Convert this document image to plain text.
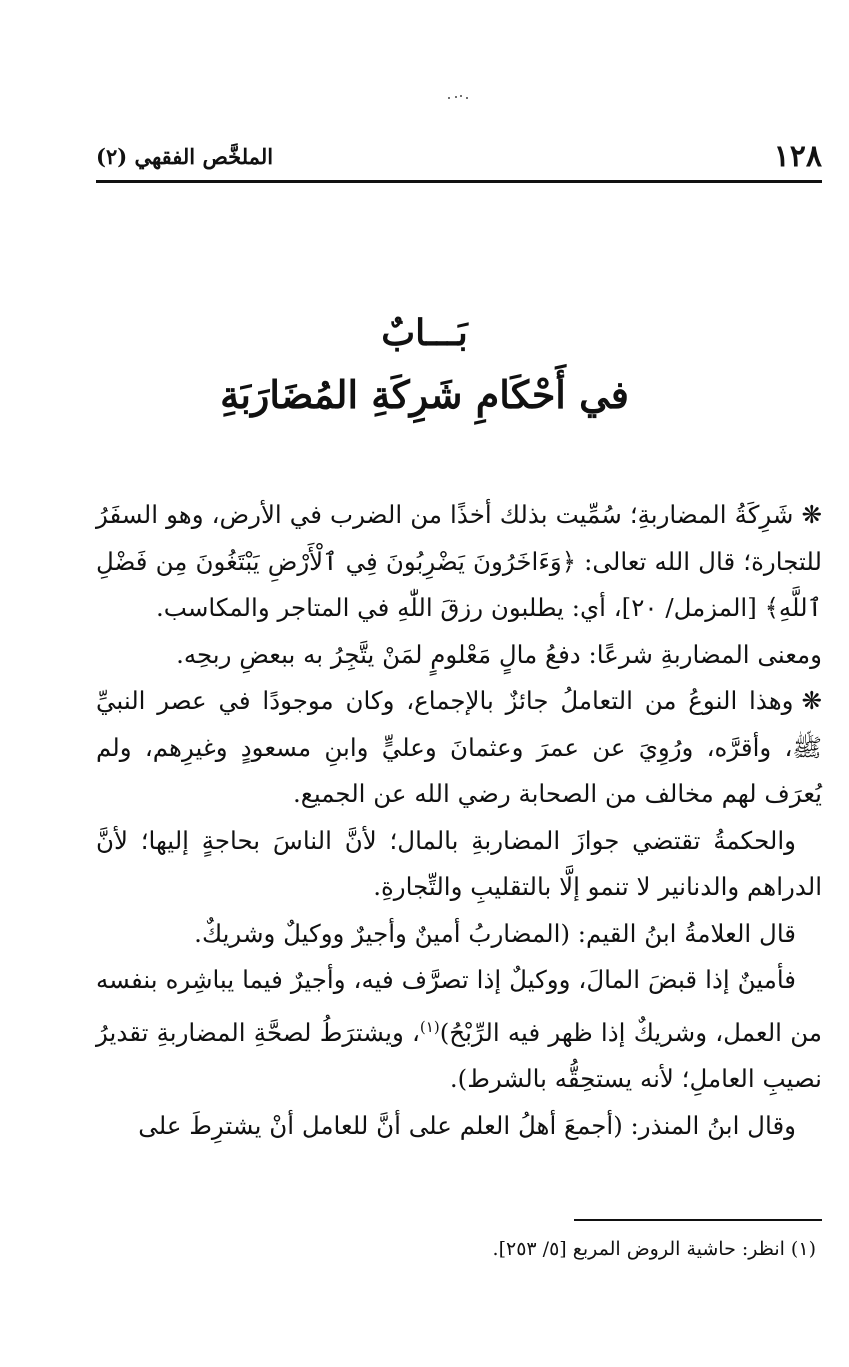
١٢٨
الملخَّص الفقهي (٢)
بَـــابٌ
في أَحْكَامِ شَرِكَةِ المُضَارَبَةِ

❋شَرِكَةُ المضاربةِ؛ سُمِّيت بذلك أخذًا من الضرب في الأرض، وهو السفَرُ للتجارة؛ قال الله تعالى: ﴿وَءَاخَرُونَ يَضْرِبُونَ فِي ٱلْأَرْضِ يَبْتَغُونَ مِن فَضْلِ ٱللَّهِ﴾ [المزمل/ ٢٠]، أي: يطلبون رزقَ اللّٰهِ في المتاجر والمكاسب.

ومعنى المضاربةِ شرعًا: دفعُ مالٍ مَعْلومٍ لمَنْ يتَّجِرُ به ببعضِ ربحِه.

❋وهذا النوعُ من التعاملُ جائزٌ بالإجماع، وكان موجودًا في عصر النبيِّ ﷺ، وأقرَّه، ورُوِيَ عن عمرَ وعثمانَ وعليٍّ وابنِ مسعودٍ وغيرِهم، ولم يُعرَف لهم مخالف من الصحابة رضي الله عن الجميع.

والحكمةُ تقتضي جوازَ المضاربةِ بالمال؛ لأنَّ الناسَ بحاجةٍ إليها؛ لأنَّ الدراهم والدنانير لا تنمو إلَّا بالتقليبِ والتِّجارةِ.

قال العلامةُ ابنُ القيم: (المضاربُ أمينٌ وأجيرٌ ووكيلٌ وشريكٌ.

فأمينٌ إذا قبضَ المالَ، ووكيلٌ إذا تصرَّف فيه، وأجيرٌ فيما يباشِره بنفسه من العمل، وشريكٌ إذا ظهر فيه الرِّبْحُ)$^{(١)}$، ويشترَطُ لصحَّةِ المضاربةِ تقديرُ نصيبِ العاملِ؛ لأنه يستحِقُّه بالشرط).

وقال ابنُ المنذر: (أجمعَ أهلُ العلم على أنَّ للعامل أنْ يشترِطَ على

(١) انظر: حاشية الروض المربع [٥/ ٢٥٣].
